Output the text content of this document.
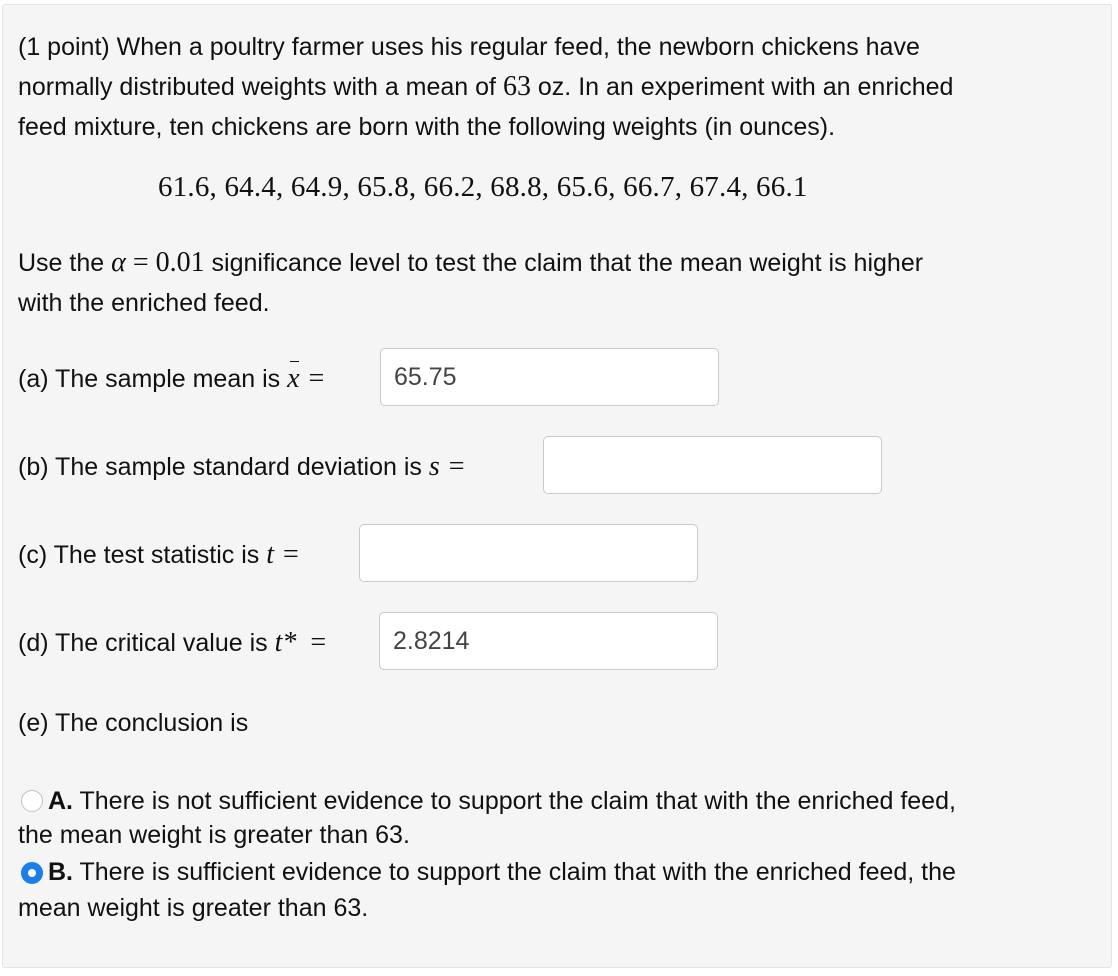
(1 point) When a poultry farmer uses his regular feed, the newborn chickens have
normally distributed weights with a mean of 63 oz. In an experiment with an enriched
feed mixture, ten chickens are born with the following weights (in ounces).
61.6, 64.4, 64.9, 65.8, 66.2, 68.8, 65.6, 66.7, 67.4, 66.1
Use the α = 0.01 significance level to test the claim that the mean weight is higher
with the enriched feed.
(a) The sample mean is x =
65.75
(b) The sample standard deviation is s =
(c) The test statistic is t =
(d) The critical value is t* =
2.8214
(e) The conclusion is
A. There is not sufficient evidence to support the claim that with the enriched feed,
the mean weight is greater than 63.
B. There is sufficient evidence to support the claim that with the enriched feed, the
mean weight is greater than 63.
